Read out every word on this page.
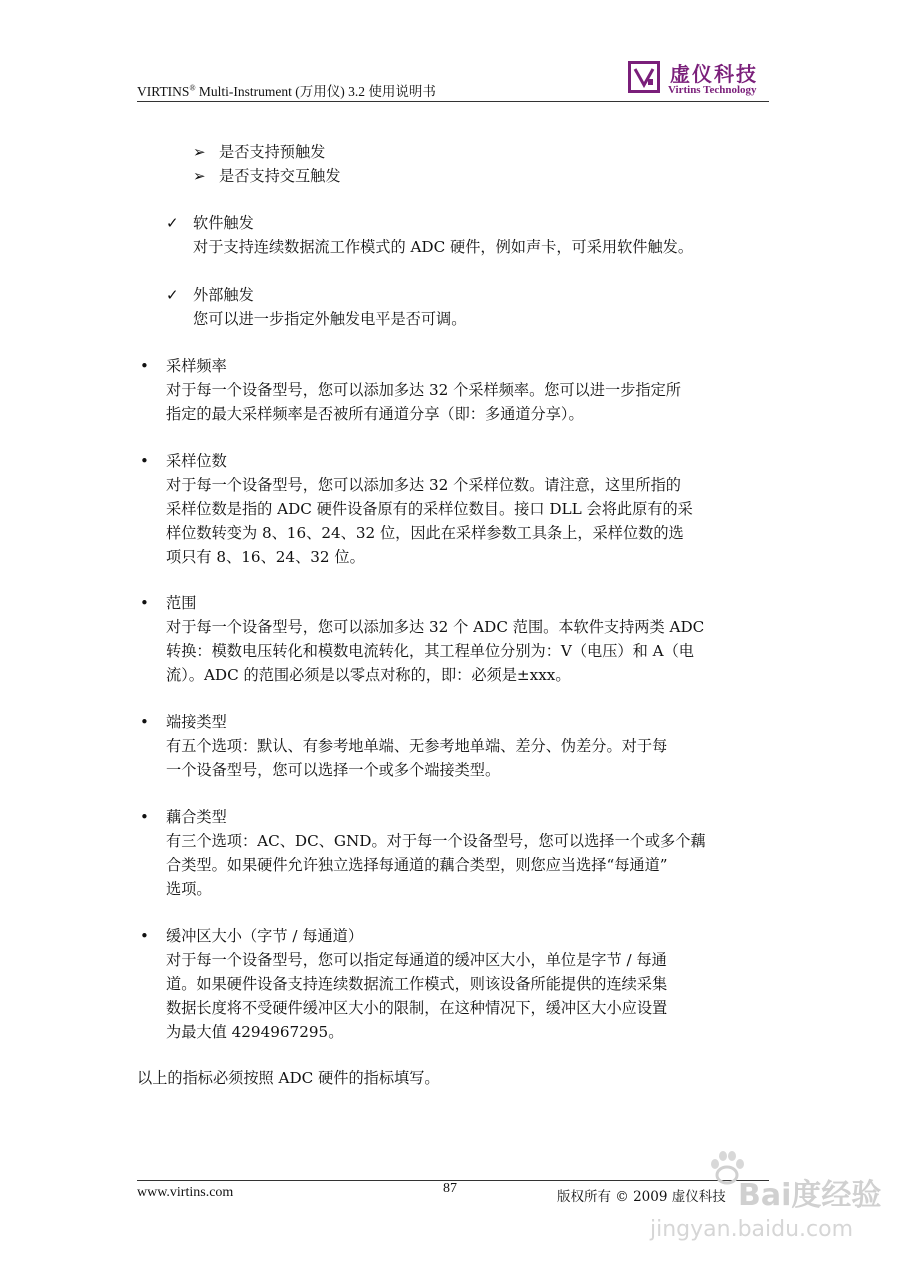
VIRTINS® Multi-Instrument (万用仪) 3.2 使用说明书
虚仪科技
Virtins Technology
➢ 是否支持预触发
➢ 是否支持交互触发
✓ 软件触发
对于支持连续数据流工作模式的 ADC 硬件，例如声卡，可采用软件触发。
✓ 外部触发
您可以进一步指定外触发电平是否可调。
• 采样频率
对于每一个设备型号，您可以添加多达 32 个采样频率。您可以进一步指定所
指定的最大采样频率是否被所有通道分享（即：多通道分享）。
• 采样位数
对于每一个设备型号，您可以添加多达 32 个采样位数。请注意，这里所指的
采样位数是指的 ADC 硬件设备原有的采样位数目。接口 DLL 会将此原有的采
样位数转变为 8、16、24、32 位，因此在采样参数工具条上，采样位数的选
项只有 8、16、24、32 位。
• 范围
对于每一个设备型号，您可以添加多达 32 个 ADC 范围。本软件支持两类 ADC
转换：模数电压转化和模数电流转化，其工程单位分别为：V（电压）和 A（电
流）。ADC 的范围必须是以零点对称的，即：必须是±xxx。
• 端接类型
有五个选项：默认、有参考地单端、无参考地单端、差分、伪差分。对于每
一个设备型号，您可以选择一个或多个端接类型。
• 藕合类型
有三个选项：AC、DC、GND。对于每一个设备型号，您可以选择一个或多个藕
合类型。如果硬件允许独立选择每通道的藕合类型，则您应当选择“每通道”
选项。
• 缓冲区大小（字节 / 每通道）
对于每一个设备型号，您可以指定每通道的缓冲区大小，单位是字节 / 每通
道。如果硬件设备支持连续数据流工作模式，则该设备所能提供的连续采集
数据长度将不受硬件缓冲区大小的限制，在这种情况下，缓冲区大小应设置
为最大值 4294967295。
以上的指标必须按照 ADC 硬件的指标填写。
www.virtins.com	87
版权所有 © 2009 虚仪科技 Bai度经验
jingyan.baidu.com
